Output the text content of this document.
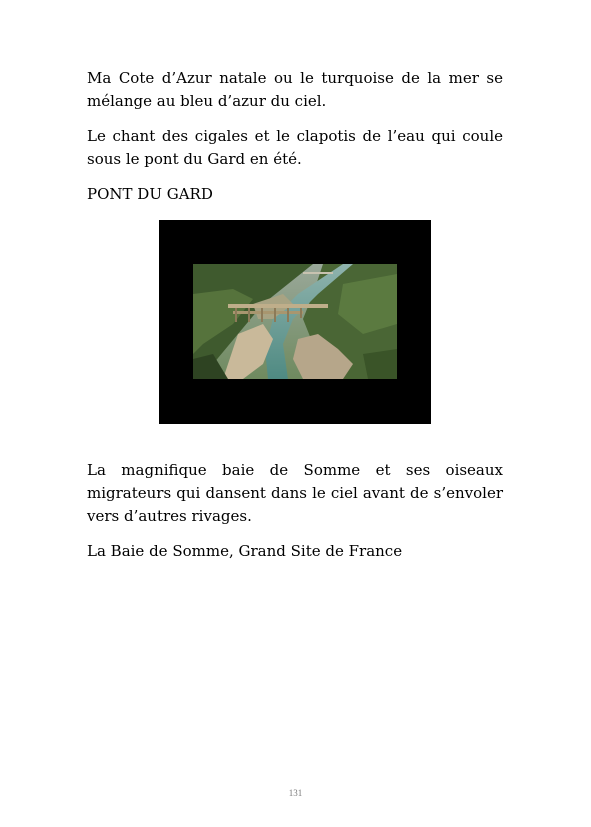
Ma Cote d’Azur natale ou le turquoise de la mer se mélange au bleu d’azur du ciel.

Le chant des cigales et le clapotis de l’eau qui coule sous le pont du Gard en été.

PONT DU GARD

La magnifique baie de Somme et ses oiseaux migrateurs qui dansent dans le ciel avant de s’envoler vers d’autres rivages.

La Baie de Somme, Grand Site de France

131
